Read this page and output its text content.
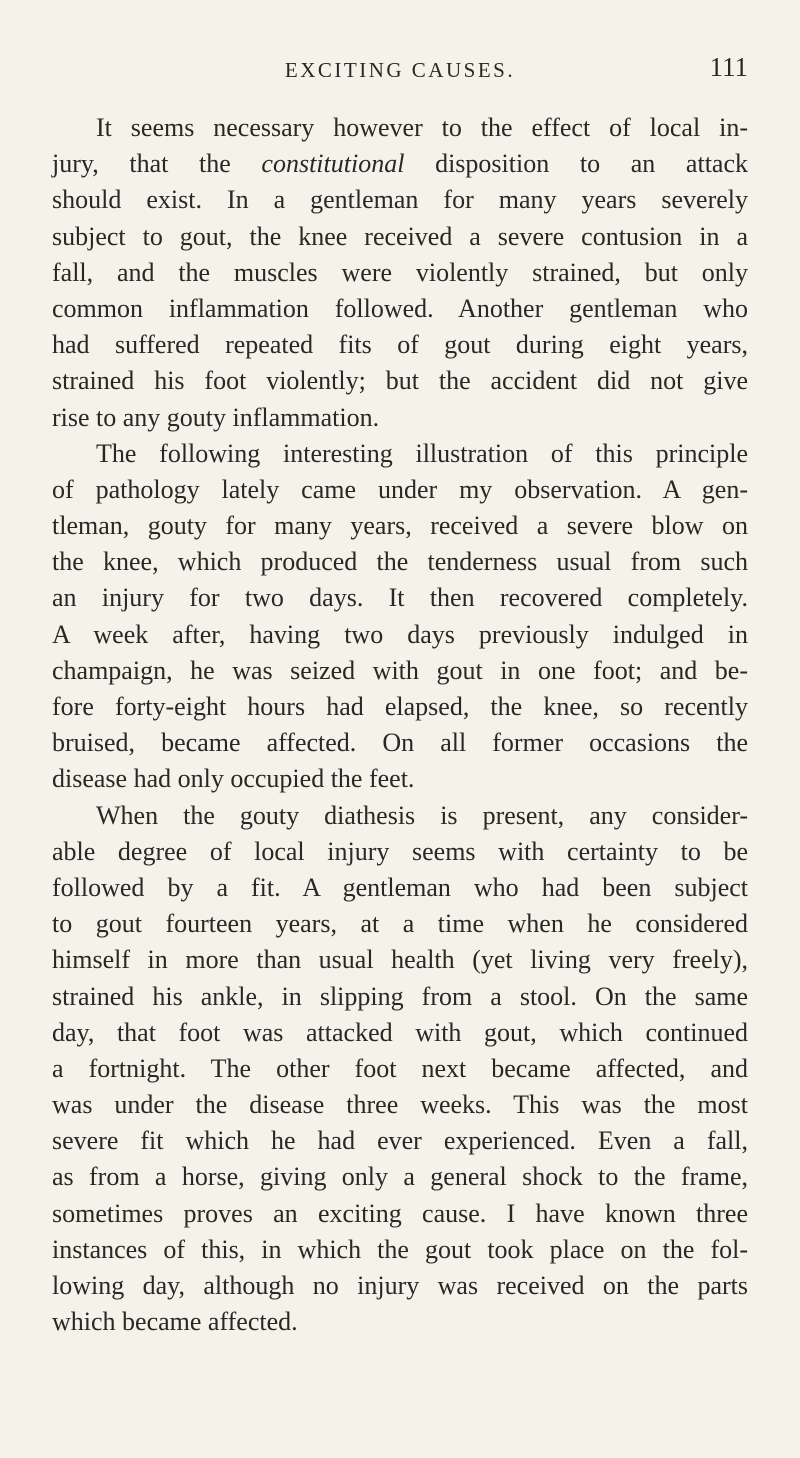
EXCITING CAUSES.	111
It seems necessary however to the effect of local in-
jury, that the constitutional disposition to an attack
should exist. In a gentleman for many years severely
subject to gout, the knee received a severe contusion in a
fall, and the muscles were violently strained, but only
common inflammation followed. Another gentleman who
had suffered repeated fits of gout during eight years,
strained his foot violently; but the accident did not give
rise to any gouty inflammation.
The following interesting illustration of this principle
of pathology lately came under my observation. A gen-
tleman, gouty for many years, received a severe blow on
the knee, which produced the tenderness usual from such
an injury for two days. It then recovered completely.
A week after, having two days previously indulged in
champaign, he was seized with gout in one foot; and be-
fore forty-eight hours had elapsed, the knee, so recently
bruised, became affected. On all former occasions the
disease had only occupied the feet.
When the gouty diathesis is present, any consider-
able degree of local injury seems with certainty to be
followed by a fit. A gentleman who had been subject
to gout fourteen years, at a time when he considered
himself in more than usual health (yet living very freely),
strained his ankle, in slipping from a stool. On the same
day, that foot was attacked with gout, which continued
a fortnight. The other foot next became affected, and
was under the disease three weeks. This was the most
severe fit which he had ever experienced. Even a fall,
as from a horse, giving only a general shock to the frame,
sometimes proves an exciting cause. I have known three
instances of this, in which the gout took place on the fol-
lowing day, although no injury was received on the parts
which became affected.
